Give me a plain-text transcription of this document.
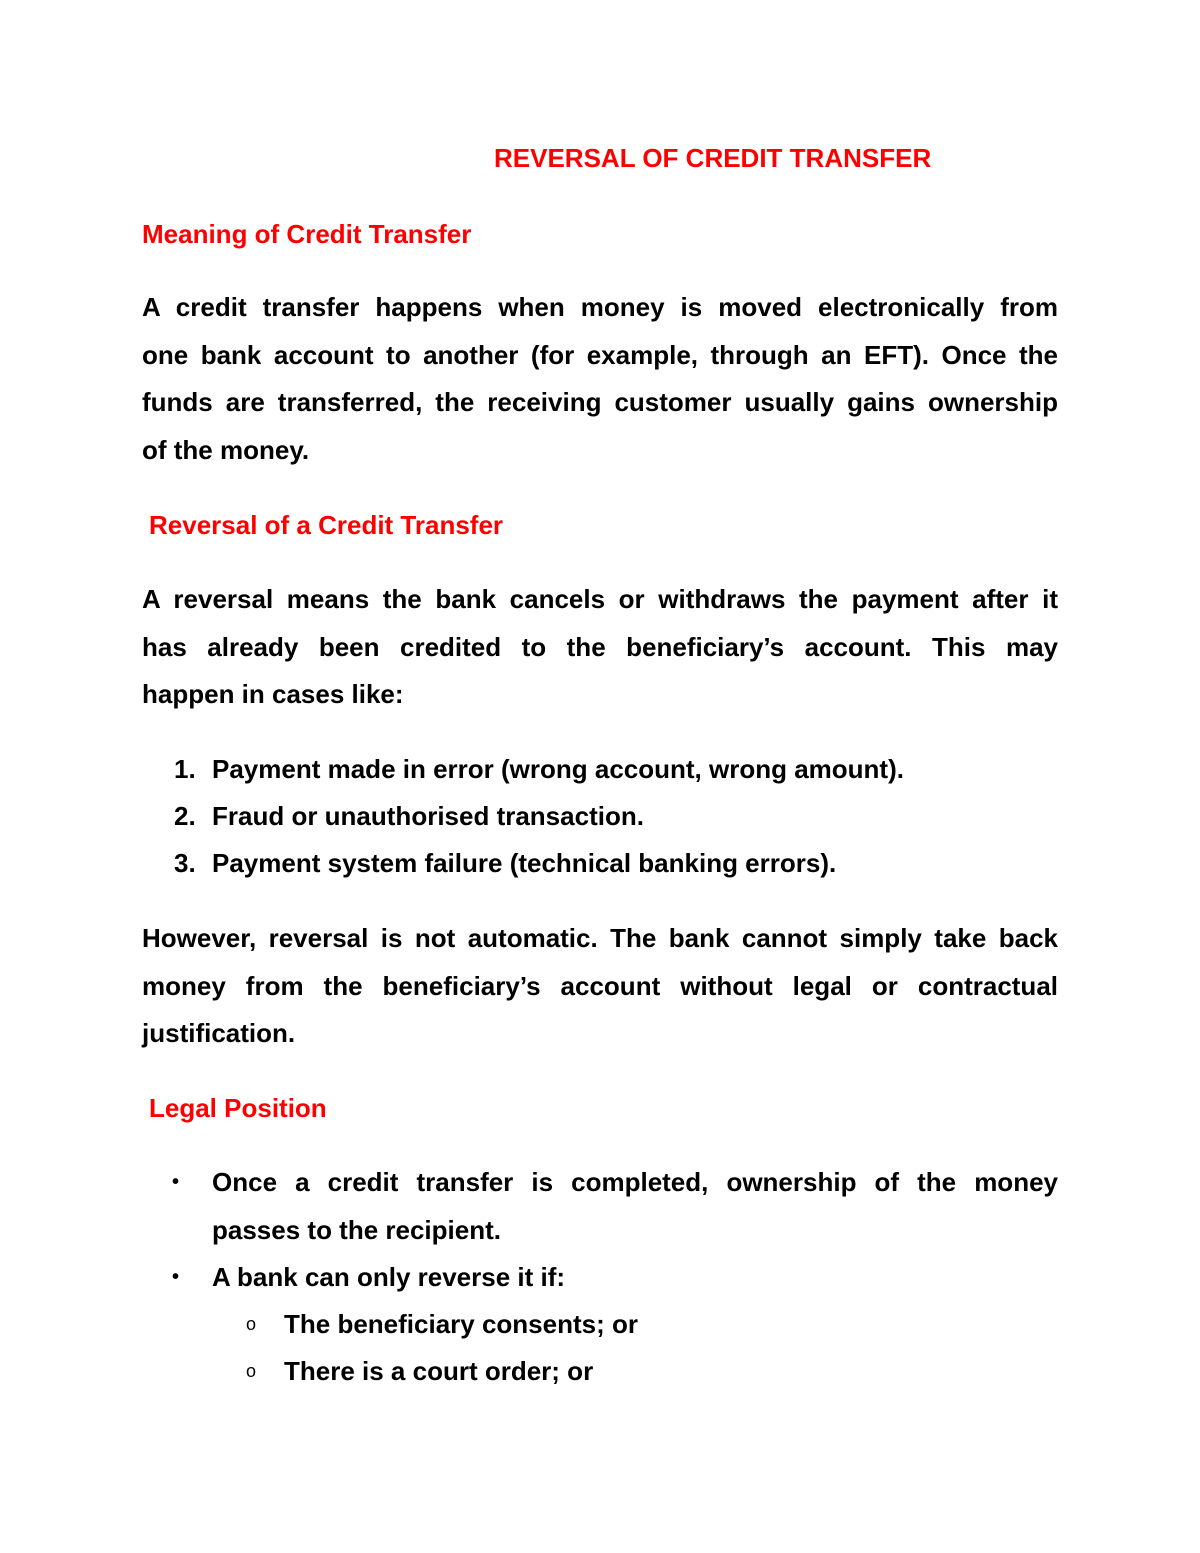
REVERSAL OF CREDIT TRANSFER
Meaning of Credit Transfer
A credit transfer happens when money is moved electronically from
one bank account to another (for example, through an EFT). Once the
funds are transferred, the receiving customer usually gains ownership
of the money.
Reversal of a Credit Transfer
A reversal means the bank cancels or withdraws the payment after it
has already been credited to the beneficiary’s account. This may
happen in cases like:
1. Payment made in error (wrong account, wrong amount).
2. Fraud or unauthorised transaction.
3. Payment system failure (technical banking errors).
However, reversal is not automatic. The bank cannot simply take back
money from the beneficiary’s account without legal or contractual
justification.
Legal Position
• Once a credit transfer is completed, ownership of the money
passes to the recipient.
• A bank can only reverse it if:
o The beneficiary consents; or
o There is a court order; or
